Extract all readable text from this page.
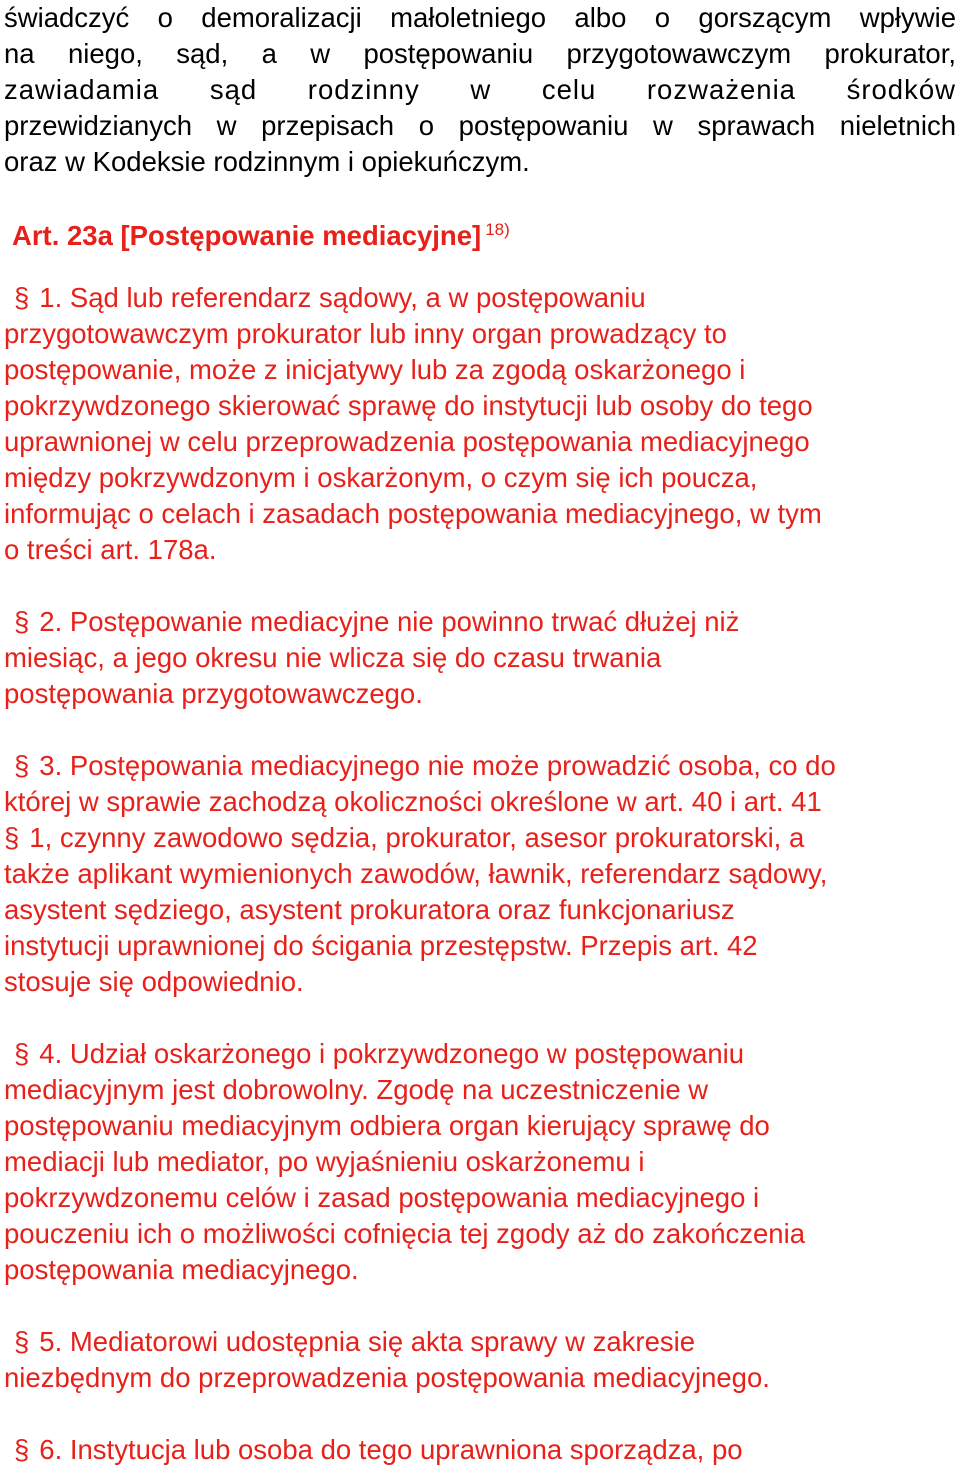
świadczyć o demoralizacji małoletniego albo o gorszącym wpływie
na niego, sąd, a w postępowaniu przygotowawczym prokurator,
zawiadamia sąd rodzinny w celu rozważenia środków
przewidzianych w przepisach o postępowaniu w sprawach nieletnich
oraz w Kodeksie rodzinnym i opiekuńczym.
Art. 23a [Postępowanie mediacyjne] $^{18)}$
§ 1. Sąd lub referendarz sądowy, a w postępowaniu
przygotowawczym prokurator lub inny organ prowadzący to
postępowanie, może z inicjatywy lub za zgodą oskarżonego i
pokrzywdzonego skierować sprawę do instytucji lub osoby do tego
uprawnionej w celu przeprowadzenia postępowania mediacyjnego
między pokrzywdzonym i oskarżonym, o czym się ich poucza,
informując o celach i zasadach postępowania mediacyjnego, w tym
o treści art. 178a.
§ 2. Postępowanie mediacyjne nie powinno trwać dłużej niż
miesiąc, a jego okresu nie wlicza się do czasu trwania
postępowania przygotowawczego.
§ 3. Postępowania mediacyjnego nie może prowadzić osoba, co do
której w sprawie zachodzą okoliczności określone w art. 40 i art. 41
§ 1, czynny zawodowo sędzia, prokurator, asesor prokuratorski, a
także aplikant wymienionych zawodów, ławnik, referendarz sądowy,
asystent sędziego, asystent prokuratora oraz funkcjonariusz
instytucji uprawnionej do ścigania przestępstw. Przepis art. 42
stosuje się odpowiednio.
§ 4. Udział oskarżonego i pokrzywdzonego w postępowaniu
mediacyjnym jest dobrowolny. Zgodę na uczestniczenie w
postępowaniu mediacyjnym odbiera organ kierujący sprawę do
mediacji lub mediator, po wyjaśnieniu oskarżonemu i
pokrzywdzonemu celów i zasad postępowania mediacyjnego i
pouczeniu ich o możliwości cofnięcia tej zgody aż do zakończenia
postępowania mediacyjnego.
§ 5. Mediatorowi udostępnia się akta sprawy w zakresie
niezbędnym do przeprowadzenia postępowania mediacyjnego.
§ 6. Instytucja lub osoba do tego uprawniona sporządza, po
